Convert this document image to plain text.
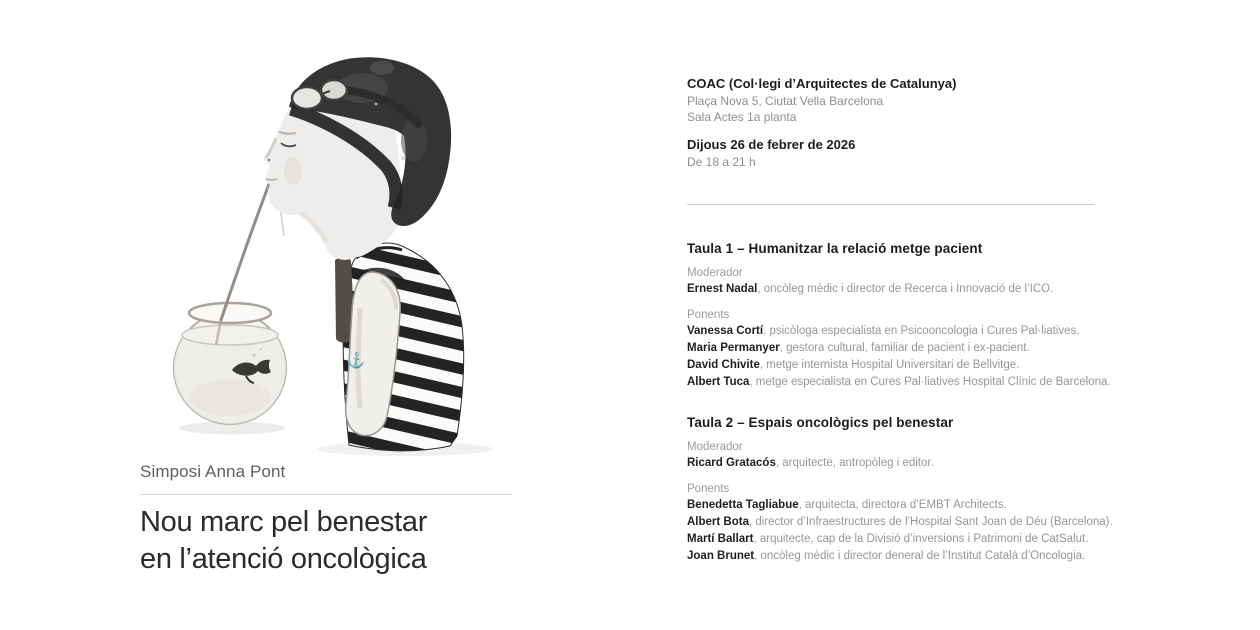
⚓
Simposi Anna Pont
Nou marc pel benestar
en l’atenció oncològica
COAC (Col·legi d’Arquitectes de Catalunya)
Plaça Nova 5, Ciutat Vella Barcelona
Sala Actes 1a planta
Dijous 26 de febrer de 2026
De 18 a 21 h
Taula 1 – Humanitzar la relació metge pacient
Moderador
Ernest Nadal, oncòleg mèdic i director de Recerca i Innovació de l’ICO.
Ponents
Vanessa Cortí, psicòloga especialista en Psicooncologia i Cures Pal·liatives.
Maria Permanyer, gestora cultural, familiar de pacient i ex-pacient.
David Chivite, metge internista Hospital Universitari de Bellvitge.
Albert Tuca, metge especialista en Cures Pal·liatives Hospital Clínic de Barcelona.
Taula 2 – Espais oncològics pel benestar
Moderador
Ricard Gratacós, arquitecte, antropòleg i editor.
Ponents
Benedetta Tagliabue, arquitecta, directora d’EMBT Architects.
Albert Bota, director d’Infraestructures de l’Hospital Sant Joan de Déu (Barcelona).
Martí Ballart, arquitecte, cap de la Divisió d’inversions i Patrimoni de CatSalut.
Joan Brunet, oncòleg mèdic i director deneral de l’Institut Català d’Oncologia.
